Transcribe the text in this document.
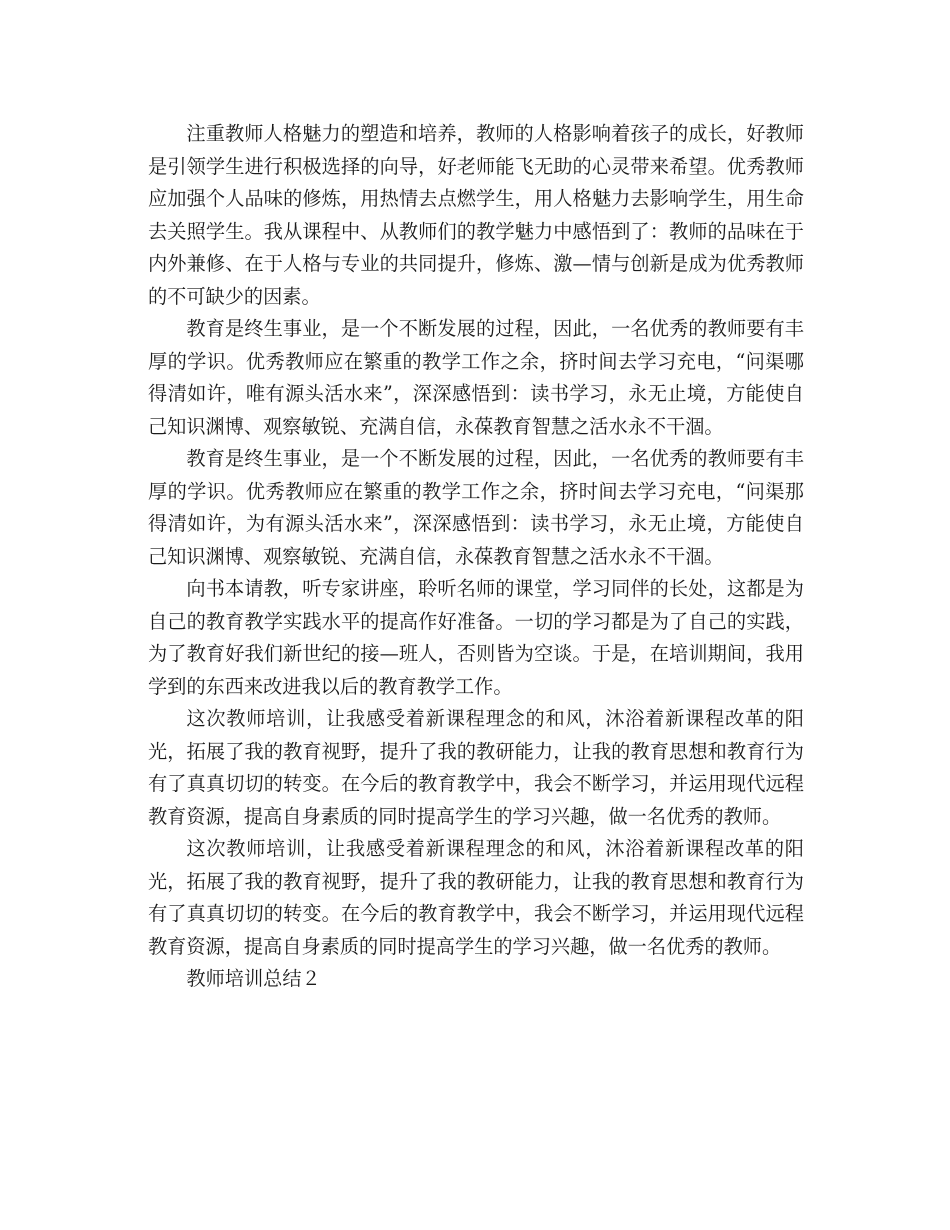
注重教师人格魅力的塑造和培养，教师的人格影响着孩子的成长，好教师是引领学生进行积极选择的向导，好老师能飞无助的心灵带来希望。优秀教师应加强个人品味的修炼，用热情去点燃学生，用人格魅力去影响学生，用生命去关照学生。我从课程中、从教师们的教学魅力中感悟到了：教师的品味在于内外兼修、在于人格与专业的共同提升，修炼、激—情与创新是成为优秀教师的不可缺少的因素。

教育是终生事业，是一个不断发展的过程，因此，一名优秀的教师要有丰厚的学识。优秀教师应在繁重的教学工作之余，挤时间去学习充电，“问渠哪得清如许，唯有源头活水来”，深深感悟到：读书学习，永无止境，方能使自己知识渊博、观察敏锐、充满自信，永葆教育智慧之活水永不干涸。

教育是终生事业，是一个不断发展的过程，因此，一名优秀的教师要有丰厚的学识。优秀教师应在繁重的教学工作之余，挤时间去学习充电，“问渠那得清如许，为有源头活水来”，深深感悟到：读书学习，永无止境，方能使自己知识渊博、观察敏锐、充满自信，永葆教育智慧之活水永不干涸。

向书本请教，听专家讲座，聆听名师的课堂，学习同伴的长处，这都是为自己的教育教学实践水平的提高作好准备。一切的学习都是为了自己的实践，为了教育好我们新世纪的接—班人，否则皆为空谈。于是，在培训期间，我用学到的东西来改进我以后的教育教学工作。

这次教师培训，让我感受着新课程理念的和风，沐浴着新课程改革的阳光，拓展了我的教育视野，提升了我的教研能力，让我的教育思想和教育行为有了真真切切的转变。在今后的教育教学中，我会不断学习，并运用现代远程教育资源，提高自身素质的同时提高学生的学习兴趣，做一名优秀的教师。

这次教师培训，让我感受着新课程理念的和风，沐浴着新课程改革的阳光，拓展了我的教育视野，提升了我的教研能力，让我的教育思想和教育行为有了真真切切的转变。在今后的教育教学中，我会不断学习，并运用现代远程教育资源，提高自身素质的同时提高学生的学习兴趣，做一名优秀的教师。

教师培训总结２
